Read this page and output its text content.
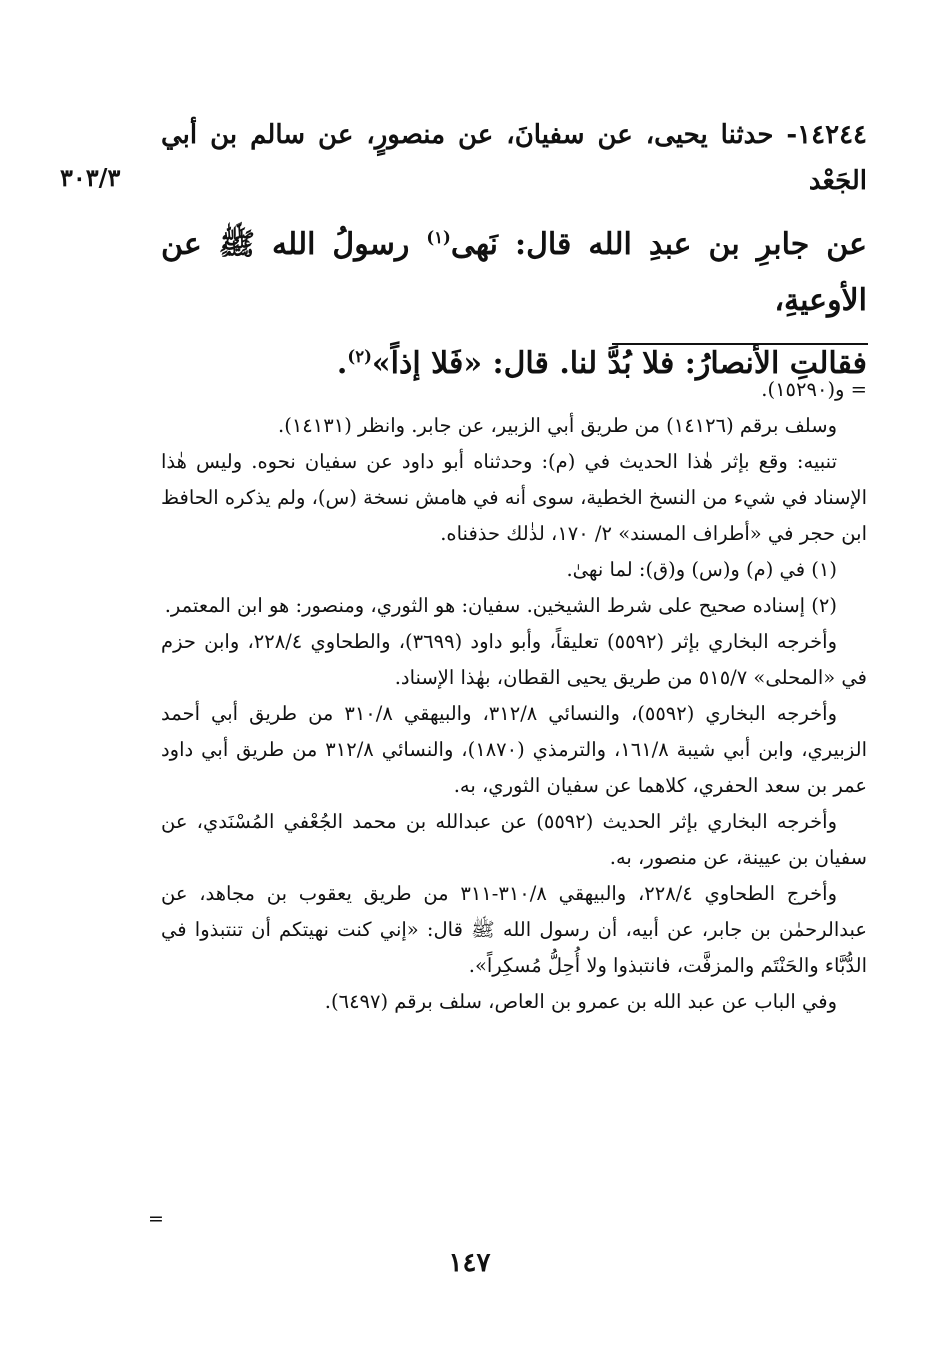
١٤٢٤٤- حدثنا يحيى، عن سفيانَ، عن منصورٍ، عن سالم بن أبي الجَعْد
٣٠٣/٣
عن جابرِ بن عبدِ الله قال: نَهى$^{(١)}$ رسولُ الله ﷺ عن الأوعيةِ،
فقالتِ الأنصارُ: فلا بُدَّ لنا. قال: «فَلا إذاً»$^{(٢)}$.

= و(١٥٢٩٠).

وسلف برقم (١٤١٢٦) من طريق أبي الزبير، عن جابر. وانظر (١٤١٣١).

تنبيه: وقع بإثر هٰذا الحديث في (م): وحدثناه أبو داود عن سفيان نحوه. وليس هٰذا الإسناد في شيء من النسخ الخطية، سوى أنه في هامش نسخة (س)، ولم يذكره الحافظ ابن حجر في «أطراف المسند» ٢/ ١٧٠، لذٰلك حذفناه.

(١) في (م) و(س) و(ق): لما نهىٰ.

(٢) إسناده صحيح على شرط الشيخين. سفيان: هو الثوري، ومنصور: هو ابن المعتمر.

وأخرجه البخاري بإثر (٥٥٩٢) تعليقاً، وأبو داود (٣٦٩٩)، والطحاوي ٢٢٨/٤، وابن حزم في «المحلى» ٥١٥/٧ من طريق يحيى القطان، بهٰذا الإسناد.

وأخرجه البخاري (٥٥٩٢)، والنسائي ٣١٢/٨، والبيهقي ٣١٠/٨ من طريق أبي أحمد الزبيري، وابن أبي شيبة ١٦١/٨، والترمذي (١٨٧٠)، والنسائي ٣١٢/٨ من طريق أبي داود عمر بن سعد الحفري، كلاهما عن سفيان الثوري، به.

وأخرجه البخاري بإثر الحديث (٥٥٩٢) عن عبدالله بن محمد الجُعْفي المُسْنَدي، عن سفيان بن عيينة، عن منصور، به.

وأخرج الطحاوي ٢٢٨/٤، والبيهقي ٣١٠/٨-٣١١ من طريق يعقوب بن مجاهد، عن عبدالرحمٰن بن جابر، عن أبيه، أن رسول الله ﷺ قال: «إني كنت نهيتكم أن تنتبذوا في الدُّبَّاء والحَنْتَم والمزفَّت، فانتبذوا ولا أُحِلُّ مُسكِراً».

وفي الباب عن عبد الله بن عمرو بن العاص، سلف برقم (٦٤٩٧).

=
١٤٧
